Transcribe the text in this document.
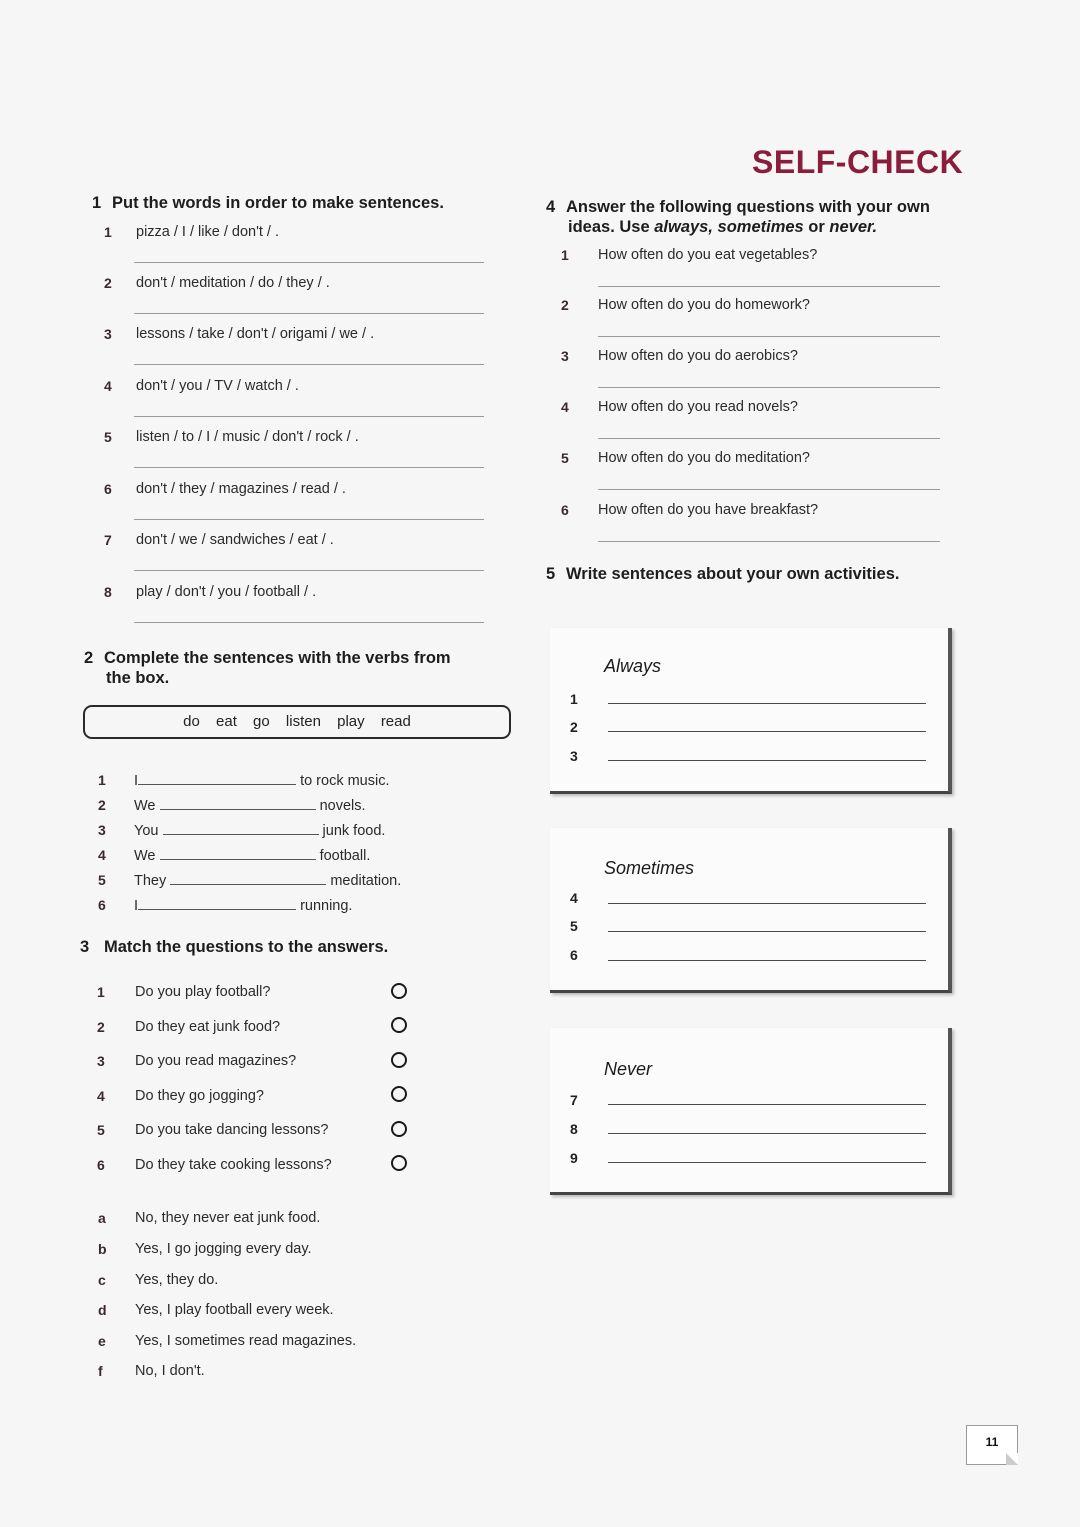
SELF-CHECK
1 Put the words in order to make sentences.
1 pizza / I / like / don't / .
2 don't / meditation / do / they / .
3 lessons / take / don't / origami / we / .
4 don't / you / TV / watch / .
5 listen / to / I / music / don't / rock / .
6 don't / they / magazines / read / .
7 don't / we / sandwiches / eat / .
8 play / don't / you / football / .
2 Complete the sentences with the verbs from
the box.
do eat go listen play read
1 I	to rock music.
2 We	novels.
3 You	junk food.
4 We	football.
5 They	meditation.
6 I	running.
3 Match the questions to the answers.
1 Do you play football?
2 Do they eat junk food?
3 Do you read magazines?
4 Do they go jogging?
5 Do you take dancing lessons?
6 Do they take cooking lessons?
a No, they never eat junk food.
b Yes, I go jogging every day.
c Yes, they do.
d Yes, I play football every week.
e Yes, I sometimes read magazines.
f No, I don't.
4 Answer the following questions with your own
ideas. Use always, sometimes or never.
1 How often do you eat vegetables?
2 How often do you do homework?
3 How often do you do aerobics?
4 How often do you read novels?
5 How often do you do meditation?
6 How often do you have breakfast?
5 Write sentences about your own activities.
Always
1
2
3
Sometimes
4
5
6
Never
7
8
9
11
